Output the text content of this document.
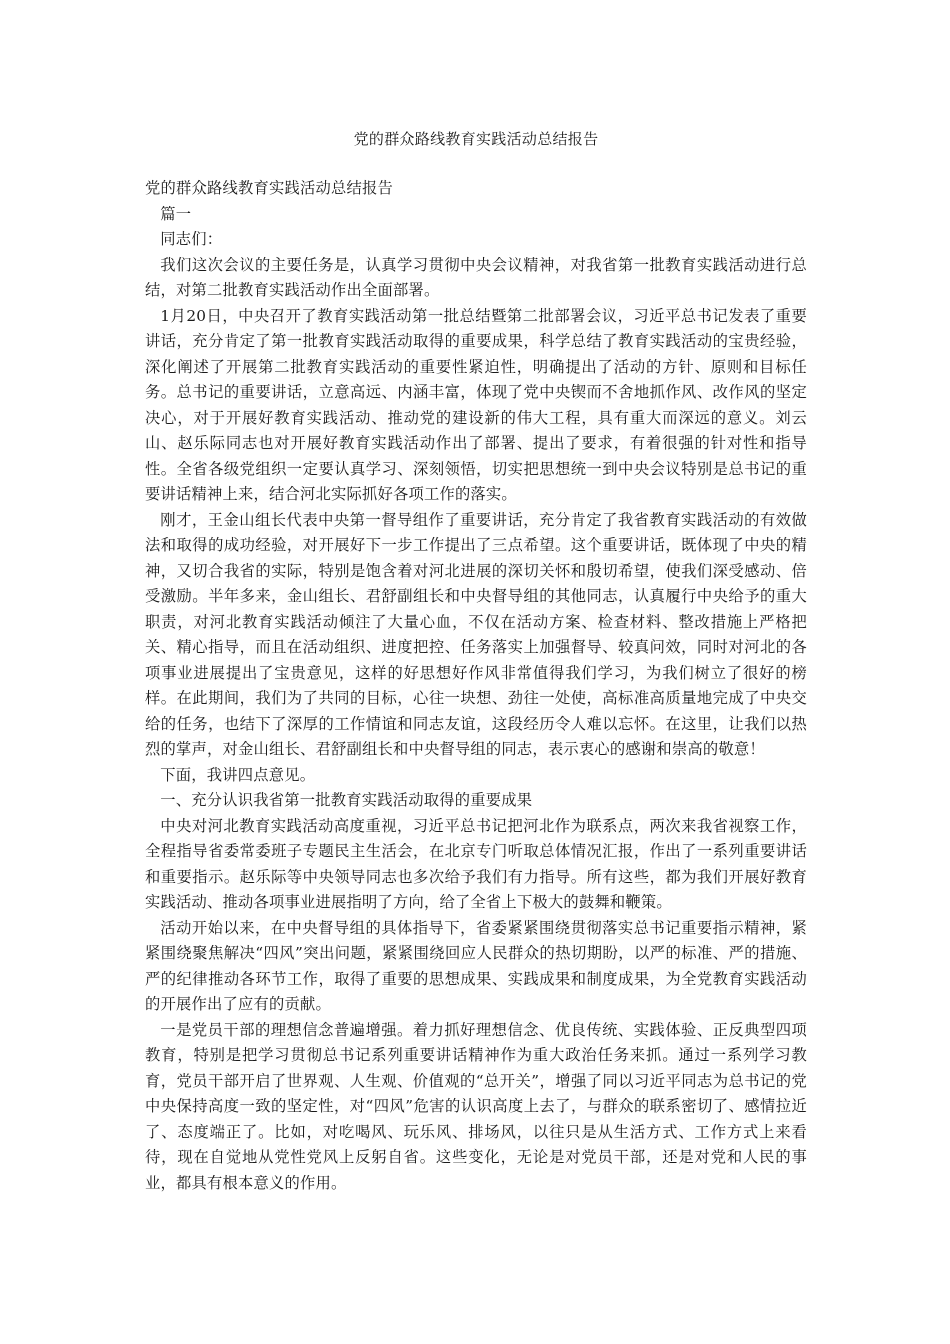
党的群众路线教育实践活动总结报告

党的群众路线教育实践活动总结报告

篇一

同志们：

我们这次会议的主要任务是，认真学习贯彻中央会议精神，对我省第一批教育实践活动进行总结，对第二批教育实践活动作出全面部署。

1月20日，中央召开了教育实践活动第一批总结暨第二批部署会议，习近平总书记发表了重要讲话，充分肯定了第一批教育实践活动取得的重要成果，科学总结了教育实践活动的宝贵经验，深化阐述了开展第二批教育实践活动的重要性紧迫性，明确提出了活动的方针、原则和目标任务。总书记的重要讲话，立意高远、内涵丰富，体现了党中央锲而不舍地抓作风、改作风的坚定决心，对于开展好教育实践活动、推动党的建设新的伟大工程，具有重大而深远的意义。刘云山、赵乐际同志也对开展好教育实践活动作出了部署、提出了要求，有着很强的针对性和指导性。全省各级党组织一定要认真学习、深刻领悟，切实把思想统一到中央会议特别是总书记的重要讲话精神上来，结合河北实际抓好各项工作的落实。

刚才，王金山组长代表中央第一督导组作了重要讲话，充分肯定了我省教育实践活动的有效做法和取得的成功经验，对开展好下一步工作提出了三点希望。这个重要讲话，既体现了中央的精神，又切合我省的实际，特别是饱含着对河北进展的深切关怀和殷切希望，使我们深受感动、倍受激励。半年多来，金山组长、君舒副组长和中央督导组的其他同志，认真履行中央给予的重大职责，对河北教育实践活动倾注了大量心血，不仅在活动方案、检查材料、整改措施上严格把关、精心指导，而且在活动组织、进度把控、任务落实上加强督导、较真问效，同时对河北的各项事业进展提出了宝贵意见，这样的好思想好作风非常值得我们学习，为我们树立了很好的榜样。在此期间，我们为了共同的目标，心往一块想、劲往一处使，高标准高质量地完成了中央交给的任务，也结下了深厚的工作情谊和同志友谊，这段经历令人难以忘怀。在这里，让我们以热烈的掌声，对金山组长、君舒副组长和中央督导组的同志，表示衷心的感谢和崇高的敬意！

下面，我讲四点意见。

一、充分认识我省第一批教育实践活动取得的重要成果

中央对河北教育实践活动高度重视，习近平总书记把河北作为联系点，两次来我省视察工作，全程指导省委常委班子专题民主生活会，在北京专门听取总体情况汇报，作出了一系列重要讲话和重要指示。赵乐际等中央领导同志也多次给予我们有力指导。所有这些，都为我们开展好教育实践活动、推动各项事业进展指明了方向，给了全省上下极大的鼓舞和鞭策。

活动开始以来，在中央督导组的具体指导下，省委紧紧围绕贯彻落实总书记重要指示精神，紧紧围绕聚焦解决“四风”突出问题，紧紧围绕回应人民群众的热切期盼，以严的标准、严的措施、严的纪律推动各环节工作，取得了重要的思想成果、实践成果和制度成果，为全党教育实践活动的开展作出了应有的贡献。

一是党员干部的理想信念普遍增强。着力抓好理想信念、优良传统、实践体验、正反典型四项教育，特别是把学习贯彻总书记系列重要讲话精神作为重大政治任务来抓。通过一系列学习教育，党员干部开启了世界观、人生观、价值观的“总开关”，增强了同以习近平同志为总书记的党中央保持高度一致的坚定性，对“四风”危害的认识高度上去了，与群众的联系密切了、感情拉近了、态度端正了。比如，对吃喝风、玩乐风、排场风，以往只是从生活方式、工作方式上来看待，现在自觉地从党性党风上反躬自省。这些变化，无论是对党员干部，还是对党和人民的事业，都具有根本意义的作用。
